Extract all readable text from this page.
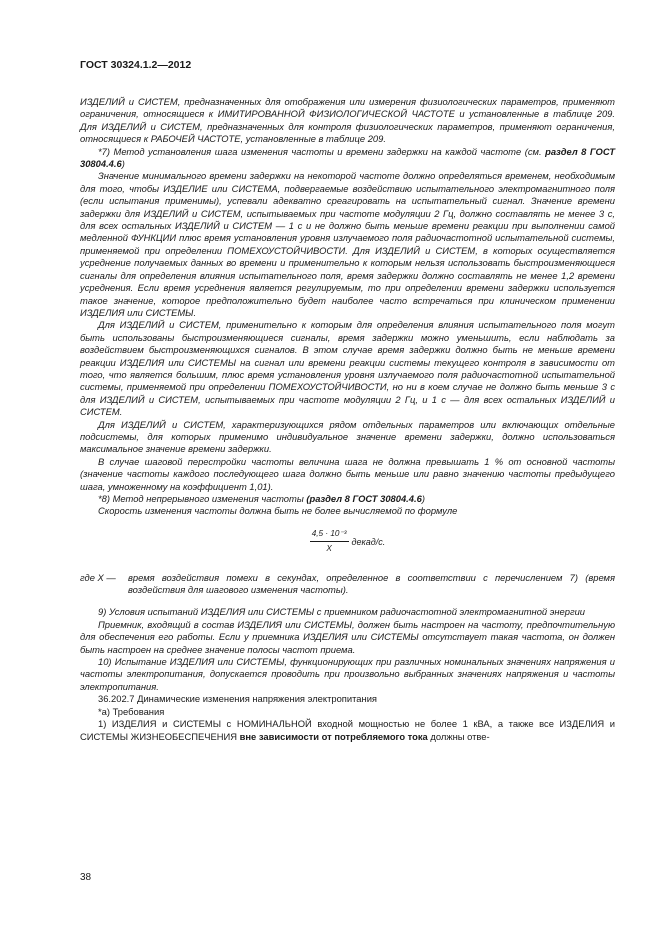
ГОСТ 30324.1.2—2012

ИЗДЕЛИЙ и СИСТЕМ, предназначенных для отображения или измерения физиологических параметров, применяют ограничения, относящиеся к ИМИТИРОВАННОЙ ФИЗИОЛОГИЧЕСКОЙ ЧАСТОТЕ и установленные в таблице 209. Для ИЗДЕЛИЙ и СИСТЕМ, предназначенных для контроля физиологических параметров, применяют ограничения, относящиеся к РАБОЧЕЙ ЧАСТОТЕ, установленные в таблице 209.

*7) Метод установления шага изменения частоты и времени задержки на каждой частоте (см. раздел 8 ГОСТ 30804.4.6)

Значение минимального времени задержки на некоторой частоте должно определяться временем, необходимым для того, чтобы ИЗДЕЛИЕ или СИСТЕМА, подвергаемые воздействию испытательного электромагнитного поля (если испытания применимы), успевали адекватно среагировать на испытательный сигнал. Значение времени задержки для ИЗДЕЛИЙ и СИСТЕМ, испытываемых при частоте модуляции 2 Гц, должно составлять не менее 3 с, для всех остальных ИЗДЕЛИЙ и СИСТЕМ — 1 с и не должно быть меньше времени реакции при выполнении самой медленной ФУНКЦИИ плюс время установления уровня излучаемого поля радиочастотной испытательной системы, применяемой при определении ПОМЕХОУСТОЙЧИВОСТИ. Для ИЗДЕЛИЙ и СИСТЕМ, в которых осуществляется усреднение получаемых данных во времени и применительно к которым нельзя использовать быстроизменяющиеся сигналы для определения влияния испытательного поля, время задержки должно составлять не менее 1,2 времени усреднения. Если время усреднения является регулируемым, то при определении времени задержки используется такое значение, которое предположительно будет наиболее часто встречаться при клиническом применении ИЗДЕЛИЯ или СИСТЕМЫ.

Для ИЗДЕЛИЙ и СИСТЕМ, применительно к которым для определения влияния испытательного поля могут быть использованы быстроизменяющиеся сигналы, время задержки можно уменьшить, если наблюдать за воздействием быстроизменяющихся сигналов. В этом случае время задержки должно быть не меньше времени реакции ИЗДЕЛИЯ или СИСТЕМЫ на сигнал или времени реакции системы текущего контроля в зависимости от того, что является большим, плюс время установления уровня излучаемого поля радиочастотной испытательной системы, применяемой при определении ПОМЕХОУСТОЙЧИВОСТИ, но ни в коем случае не должно быть меньше 3 с для ИЗДЕЛИЙ и СИСТЕМ, испытываемых при частоте модуляции 2 Гц, и 1 с — для всех остальных ИЗДЕЛИЙ и СИСТЕМ.

Для ИЗДЕЛИЙ и СИСТЕМ, характеризующихся рядом отдельных параметров или включающих отдельные подсистемы, для которых применимо индивидуальное значение времени задержки, должно использоваться максимальное значение времени задержки.

В случае шаговой перестройки частоты величина шага не должна превышать 1 % от основной частоты (значение частоты каждого последующего шага должно быть меньше или равно значению частоты предыдущего шага, умноженному на коэффициент 1,01).

*8) Метод непрерывного изменения частоты (раздел 8 ГОСТ 30804.4.6)

Скорость изменения частоты должна быть не более вычисляемой по формуле

$\frac{\text{4,5 · 10⁻³}}{X}$ декад/с.
где X —	время воздействия помехи в секундах, определенное в соответствии с перечислением 7) (время воздействия для шагового изменения частоты).

9) Условия испытаний ИЗДЕЛИЯ или СИСТЕМЫ с приемником радиочастотной электромагнитной энергии

Приемник, входящий в состав ИЗДЕЛИЯ или СИСТЕМЫ, должен быть настроен на частоту, предпочтительную для обеспечения его работы. Если у приемника ИЗДЕЛИЯ или СИСТЕМЫ отсутствует такая частота, он должен быть настроен на среднее значение полосы частот приема.

10) Испытание ИЗДЕЛИЯ или СИСТЕМЫ, функционирующих при различных номинальных значениях напряжения и частоты электропитания, допускается проводить при произвольно выбранных значениях напряжения и частоты электропитания.

36.202.7 Динамические изменения напряжения электропитания

*а) Требования

1) ИЗДЕЛИЯ и СИСТЕМЫ с НОМИНАЛЬНОЙ входной мощностью не более 1 кВА, а также все ИЗДЕЛИЯ и СИСТЕМЫ ЖИЗНЕОБЕСПЕЧЕНИЯ вне зависимости от потребляемого тока должны отве-

38
